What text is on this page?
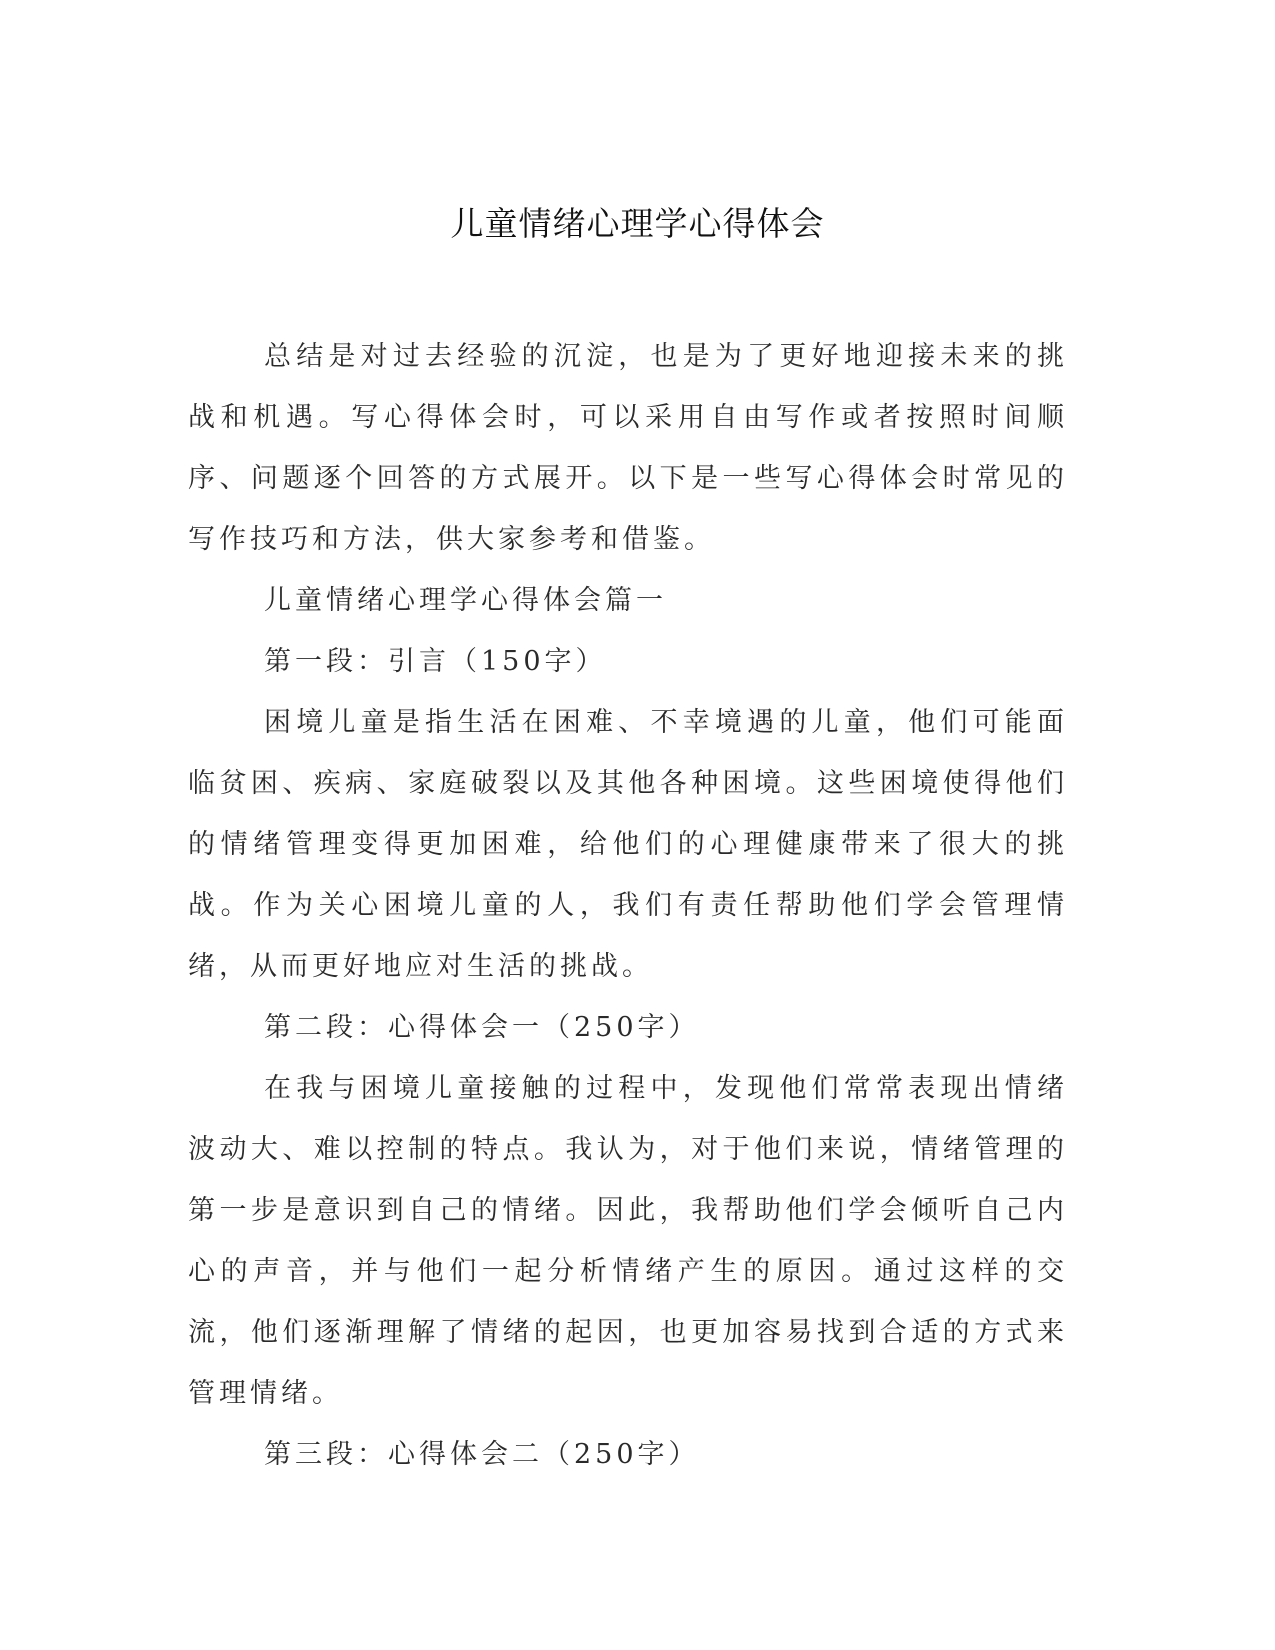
儿童情绪心理学心得体会

总结是对过去经验的沉淀，也是为了更好地迎接未来的挑战和机遇。写心得体会时，可以采用自由写作或者按照时间顺序、问题逐个回答的方式展开。以下是一些写心得体会时常见的写作技巧和方法，供大家参考和借鉴。

儿童情绪心理学心得体会篇一

第一段：引言（150字）

困境儿童是指生活在困难、不幸境遇的儿童，他们可能面临贫困、疾病、家庭破裂以及其他各种困境。这些困境使得他们的情绪管理变得更加困难，给他们的心理健康带来了很大的挑战。作为关心困境儿童的人，我们有责任帮助他们学会管理情绪，从而更好地应对生活的挑战。

第二段：心得体会一（250字）

在我与困境儿童接触的过程中，发现他们常常表现出情绪波动大、难以控制的特点。我认为，对于他们来说，情绪管理的第一步是意识到自己的情绪。因此，我帮助他们学会倾听自己内心的声音，并与他们一起分析情绪产生的原因。通过这样的交流，他们逐渐理解了情绪的起因，也更加容易找到合适的方式来管理情绪。

第三段：心得体会二（250字）
